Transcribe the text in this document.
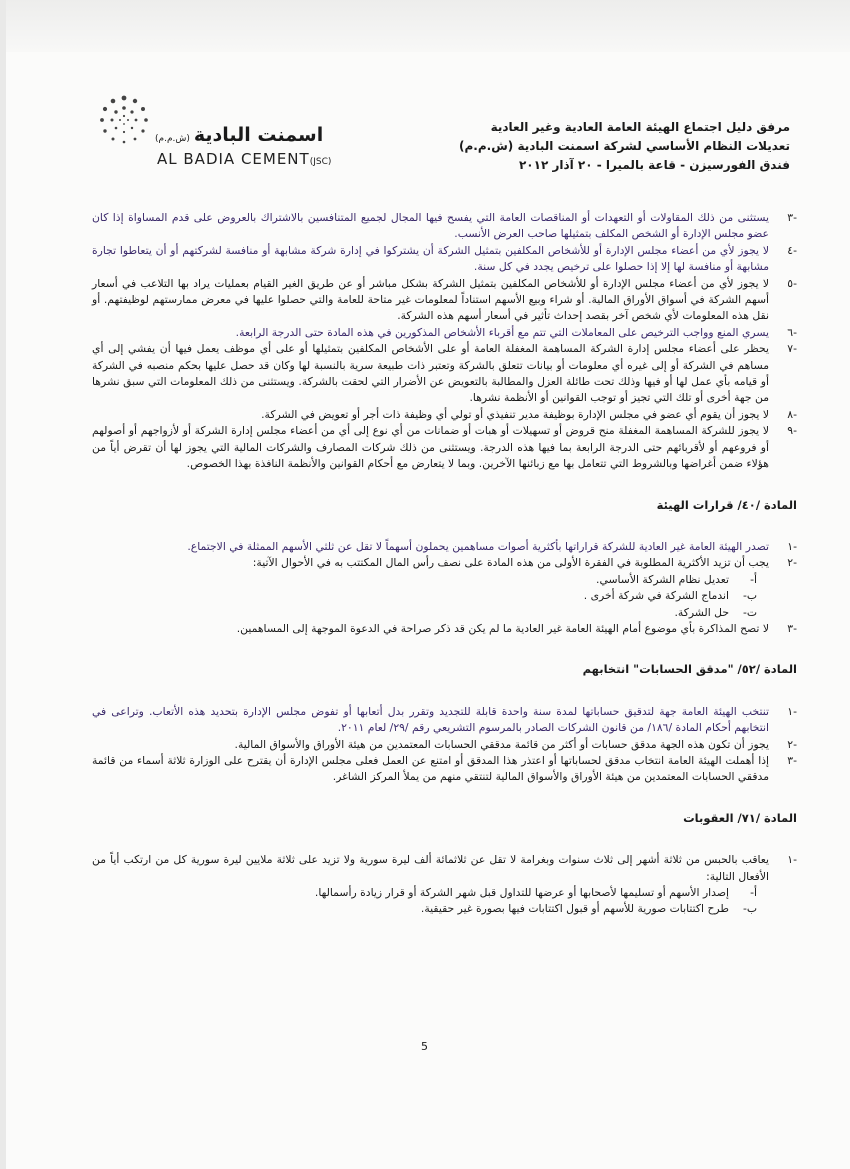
اسمنت البادية(ش.م.م)
AL BADIA CEMENT(JSC)
مرفق دليل اجتماع الهيئة العامة العادية وغير العادية
تعديلات النظام الأساسي لشركة اسمنت البادية (ش.م.م)
فندق الفورسيزن - قاعة بالميرا - ٢٠ آذار ٢٠١٢
-٣
يستثنى من ذلك المقاولات أو التعهدات أو المناقصات العامة التي يفسح فيها المجال لجميع المتنافسين بالاشتراك بالعروض على قدم المساواة إذا كان عضو مجلس الإدارة أو الشخص المكلف بتمثيلها صاحب العرض الأنسب.
-٤
لا يجوز لأي من أعضاء مجلس الإدارة أو للأشخاص المكلفين بتمثيل الشركة أن يشتركوا في إدارة شركة مشابهة أو منافسة لشركتهم أو أن يتعاطوا تجارة مشابهة أو منافسة لها إلا إذا حصلوا على ترخيص يجدد في كل سنة.
-٥
لا يجوز لأي من أعضاء مجلس الإدارة أو للأشخاص المكلفين بتمثيل الشركة بشكل مباشر أو عن طريق الغير القيام بعمليات يراد بها التلاعب في أسعار أسهم الشركة في أسواق الأوراق المالية. أو شراء وبيع الأسهم استناداً لمعلومات غير متاحة للعامة والتي حصلوا عليها في معرض ممارستهم لوظيفتهم. أو نقل هذه المعلومات لأي شخص آخر بقصد إحداث تأثير في أسعار أسهم هذه الشركة.
-٦
يسري المنع وواجب الترخيص على المعاملات التي تتم مع أقرباء الأشخاص المذكورين في هذه المادة حتى الدرجة الرابعة.
-٧
يحظر على أعضاء مجلس إدارة الشركة المساهمة المغفلة العامة أو على الأشخاص المكلفين بتمثيلها أو على أي موظف يعمل فيها أن يفشي إلى أي مساهم في الشركة أو إلى غيره أي معلومات أو بيانات تتعلق بالشركة وتعتبر ذات طبيعة سرية بالنسبة لها وكان قد حصل عليها بحكم منصبه في الشركة أو قيامه بأي عمل لها أو فيها وذلك تحت طائلة العزل والمطالبة بالتعويض عن الأضرار التي لحقت بالشركة. ويستثنى من ذلك المعلومات التي سبق نشرها من جهة أخرى أو تلك التي تجيز أو توجب القوانين أو الأنظمة نشرها.
-٨
لا يجوز أن يقوم أي عضو في مجلس الإدارة بوظيفة مدير تنفيذي أو تولي أي وظيفة ذات أجر أو تعويض في الشركة.
-٩
لا يجوز للشركة المساهمة المغفلة منح قروض أو تسهيلات أو هبات أو ضمانات من أي نوع إلى أي من أعضاء مجلس إدارة الشركة أو لأزواجهم أو أصولهم أو فروعهم أو لأقربائهم حتى الدرجة الرابعة بما فيها هذه الدرجة. ويستثنى من ذلك شركات المصارف والشركات المالية التي يجوز لها أن تقرض أياً من هؤلاء ضمن أغراضها وبالشروط التي تتعامل بها مع زبائنها الآخرين. وبما لا يتعارض مع أحكام القوانين والأنظمة النافذة بهذا الخصوص.
المادة /٤٠/ قرارات الهيئة
-١
تصدر الهيئة العامة غير العادية للشركة قراراتها بأكثرية أصوات مساهمين يحملون أسهماً لا تقل عن ثلثي الأسهم الممثلة في الاجتماع.
-٢
يجب أن تزيد الأكثرية المطلوبة في الفقرة الأولى من هذه المادة على نصف رأس المال المكتتب به في الأحوال الآتية:
أ-
تعديل نظام الشركة الأساسي.
ب-
اندماج الشركة في شركة أخرى .
ت-
حل الشركة.
-٣
لا تصح المذاكرة بأي موضوع أمام الهيئة العامة غير العادية ما لم يكن قد ذكر صراحة في الدعوة الموجهة إلى المساهمين.
المادة /٥٢/ "مدقق الحسابات" انتخابهم
-١
تنتخب الهيئة العامة جهة لتدقيق حساباتها لمدة سنة واحدة قابلة للتجديد وتقرر بدل أتعابها أو تفوض مجلس الإدارة بتحديد هذه الأتعاب. وتراعى في انتخابهم أحكام المادة /١٨٦/ من قانون الشركات الصادر بالمرسوم التشريعي رقم /٢٩/ لعام ٢٠١١.
-٢
يجوز أن تكون هذه الجهة مدقق حسابات أو أكثر من قائمة مدققي الحسابات المعتمدين من هيئة الأوراق والأسواق المالية.
-٣
إذا أهملت الهيئة العامة انتخاب مدقق لحساباتها أو اعتذر هذا المدقق أو امتنع عن العمل فعلى مجلس الإدارة أن يقترح على الوزارة ثلاثة أسماء من قائمة مدققي الحسابات المعتمدين من هيئة الأوراق والأسواق المالية لتنتقي منهم من يملأ المركز الشاغر.
المادة /٧١/ العقوبات
-١
يعاقب بالحبس من ثلاثة أشهر إلى ثلاث سنوات وبغرامة لا تقل عن ثلاثمائة ألف ليرة سورية ولا تزيد على ثلاثة ملايين ليرة سورية كل من ارتكب أياً من الأفعال التالية:
أ-
إصدار الأسهم أو تسليمها لأصحابها أو عرضها للتداول قبل شهر الشركة أو قرار زيادة رأسمالها.
ب-
طرح اكتتابات صورية للأسهم أو قبول اكتتابات فيها بصورة غير حقيقية.
5
